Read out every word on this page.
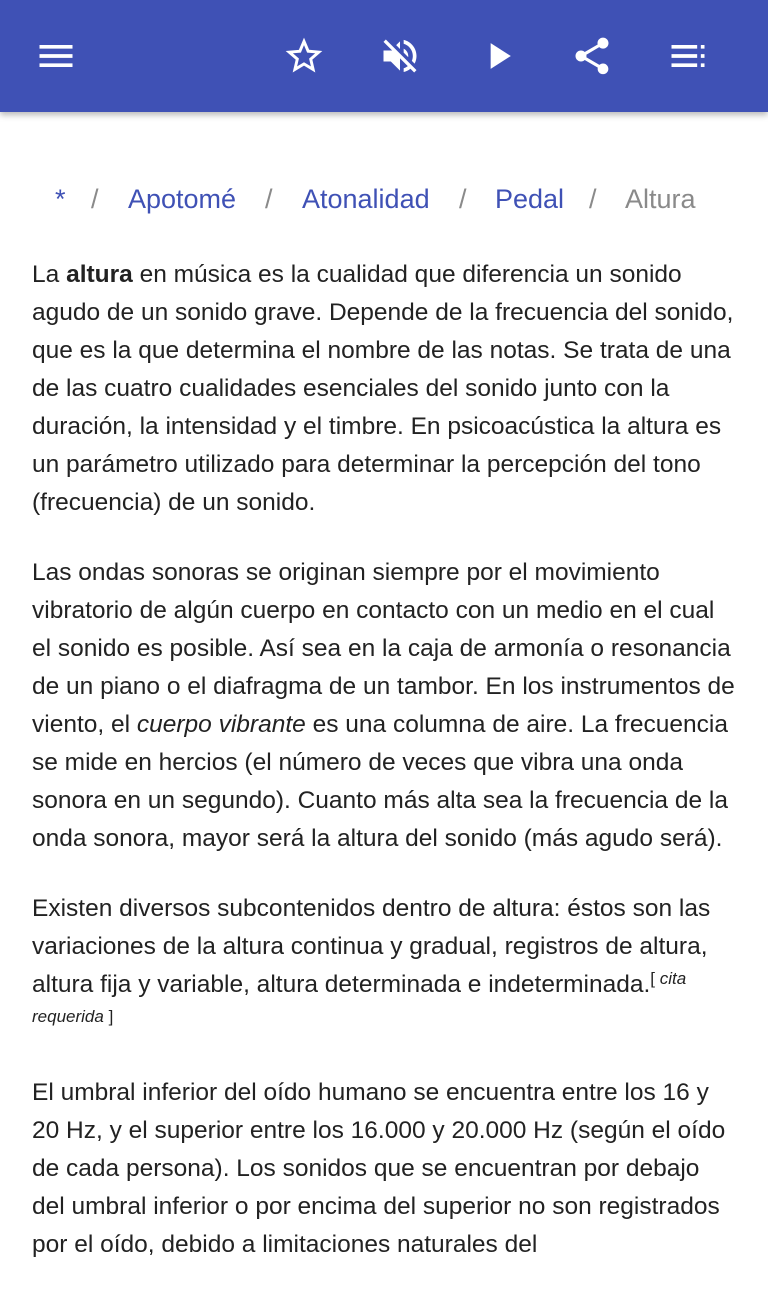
* / Apotomé / Atonalidad / Pedal / Altura

La altura en música es la cualidad que diferencia un sonido agudo de un sonido grave. Depende de la frecuencia del sonido, que es la que determina el nombre de las notas. Se trata de una de las cuatro cualidades esenciales del sonido junto con la duración, la intensidad y el timbre. En psicoacústica la altura es un parámetro utilizado para determinar la percepción del tono (frecuencia) de un sonido.

Las ondas sonoras se originan siempre por el movimiento vibratorio de algún cuerpo en contacto con un medio en el cual el sonido es posible. Así sea en la caja de armonía o resonancia de un piano o el diafragma de un tambor. En los instrumentos de viento, el cuerpo vibrante es una columna de aire. La frecuencia se mide en hercios (el número de veces que vibra una onda sonora en un segundo). Cuanto más alta sea la frecuencia de la onda sonora, mayor será la altura del sonido (más agudo será).

Existen diversos subcontenidos dentro de altura: éstos son las variaciones de la altura continua y gradual, registros de altura, altura fija y variable, altura determinada e indeterminada.[ cita requerida ]

El umbral inferior del oído humano se encuentra entre los 16 y 20 Hz, y el superior entre los 16.000 y 20.000 Hz (según el oído de cada persona). Los sonidos que se encuentran por debajo del umbral inferior o por encima del superior no son registrados por el oído, debido a limitaciones naturales del
